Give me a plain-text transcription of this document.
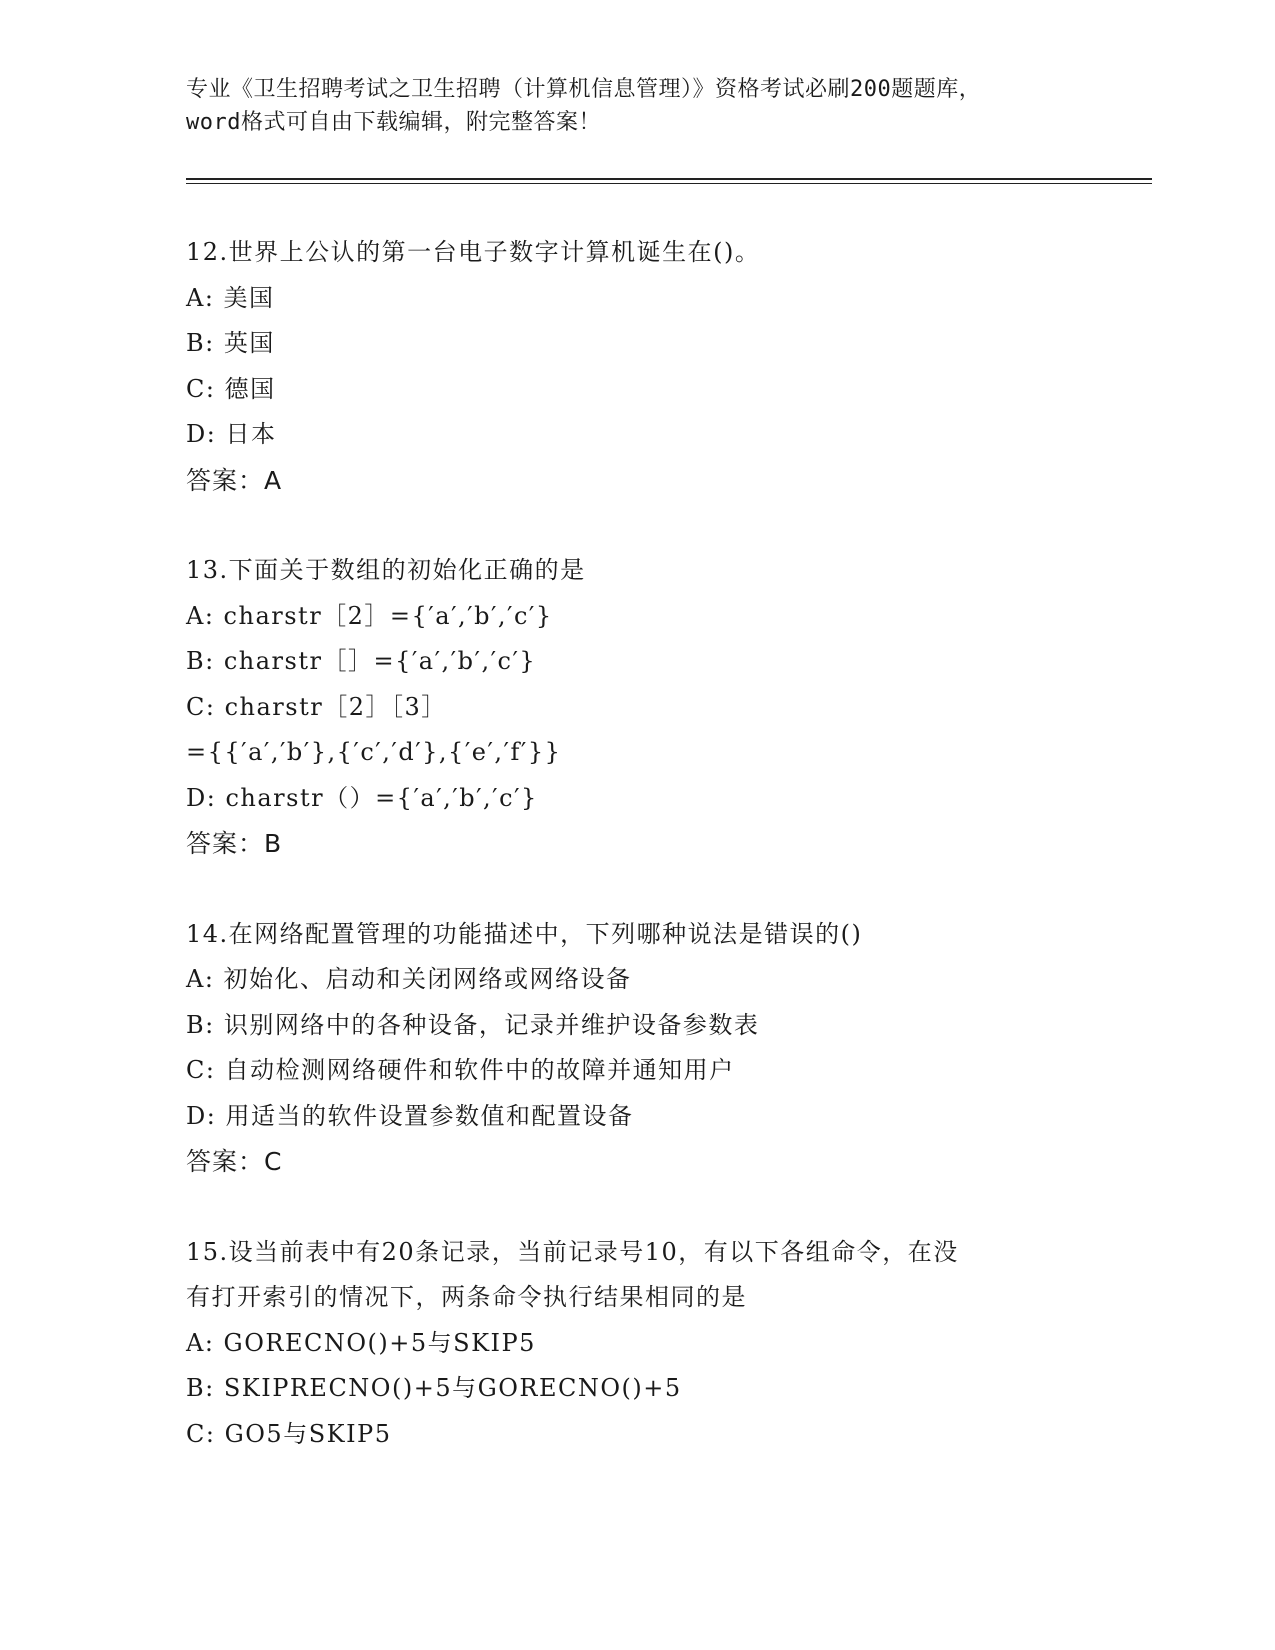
专业《卫生招聘考试之卫生招聘（计算机信息管理）》资格考试必刷200题题库，
word格式可自由下载编辑，附完整答案！
12.世界上公认的第一台电子数字计算机诞生在()。
A: 美国
B: 英国
C: 德国
D: 日本
答案：A
13.下面关于数组的初始化正确的是
A: charstr［2］={′a′,′b′,′c′}
B: charstr［］={′a′,′b′,′c′}
C: charstr［2］［3］
={{′a′,′b′},{′c′,′d′},{′e′,′f′}}
D: charstr（）={′a′,′b′,′c′}
答案：B
14.在网络配置管理的功能描述中，下列哪种说法是错误的()
A: 初始化、启动和关闭网络或网络设备
B: 识别网络中的各种设备，记录并维护设备参数表
C: 自动检测网络硬件和软件中的故障并通知用户
D: 用适当的软件设置参数值和配置设备
答案：C
15.设当前表中有20条记录，当前记录号10，有以下各组命令，在没
有打开索引的情况下，两条命令执行结果相同的是
A: GORECNO()+5与SKIP5
B: SKIPRECNO()+5与GORECNO()+5
C: GO5与SKIP5
